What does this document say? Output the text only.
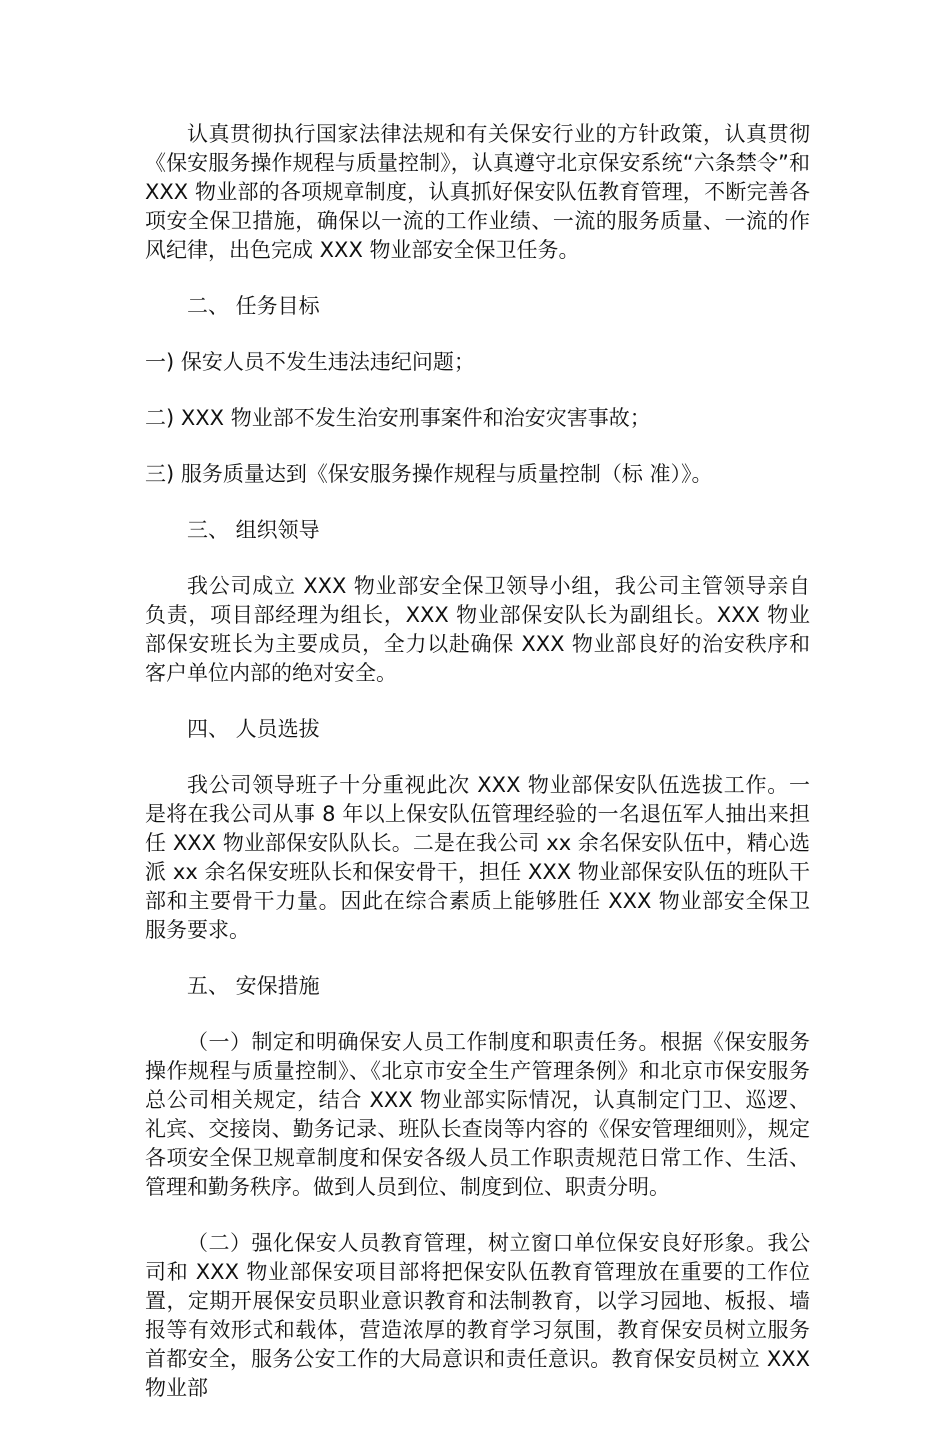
认真贯彻执行国家法律法规和有关保安行业的方针政策，认真贯彻《保安服务操作规程与质量控制》，认真遵守北京保安系统“六条禁令”和 XXX 物业部的各项规章制度，认真抓好保安队伍教育管理，不断完善各项安全保卫措施，确保以一流的工作业绩、一流的服务质量、一流的作风纪律，出色完成 XXX 物业部安全保卫任务。

二、 任务目标

一) 保安人员不发生违法违纪问题；

二) XXX 物业部不发生治安刑事案件和治安灾害事故；

三) 服务质量达到《保安服务操作规程与质量控制（标 准）》。

三、 组织领导

我公司成立 XXX 物业部安全保卫领导小组，我公司主管领导亲自负责，项目部经理为组长，XXX 物业部保安队长为副组长。XXX 物业部保安班长为主要成员，全力以赴确保 XXX 物业部良好的治安秩序和客户单位内部的绝对安全。

四、 人员选拔

我公司领导班子十分重视此次 XXX 物业部保安队伍选拔工作。一是将在我公司从事 8 年以上保安队伍管理经验的一名退伍军人抽出来担任 XXX 物业部保安队队长。二是在我公司 xx 余名保安队伍中，精心选派 xx 余名保安班队长和保安骨干，担任 XXX 物业部保安队伍的班队干部和主要骨干力量。因此在综合素质上能够胜任 XXX 物业部安全保卫服务要求。

五、 安保措施

（一）制定和明确保安人员工作制度和职责任务。根据《保安服务操作规程与质量控制》、《北京市安全生产管理条例》和北京市保安服务总公司相关规定，结合 XXX 物业部实际情况，认真制定门卫、巡逻、礼宾、交接岗、勤务记录、班队长查岗等内容的《保安管理细则》，规定各项安全保卫规章制度和保安各级人员工作职责规范日常工作、生活、管理和勤务秩序。做到人员到位、制度到位、职责分明。

（二）强化保安人员教育管理，树立窗口单位保安良好形象。我公司和 XXX 物业部保安项目部将把保安队伍教育管理放在重要的工作位置，定期开展保安员职业意识教育和法制教育，以学习园地、板报、墙报等有效形式和载体，营造浓厚的教育学习氛围，教育保安员树立服务首都安全，服务公安工作的大局意识和责任意识。教育保安员树立 XXX 物业部
